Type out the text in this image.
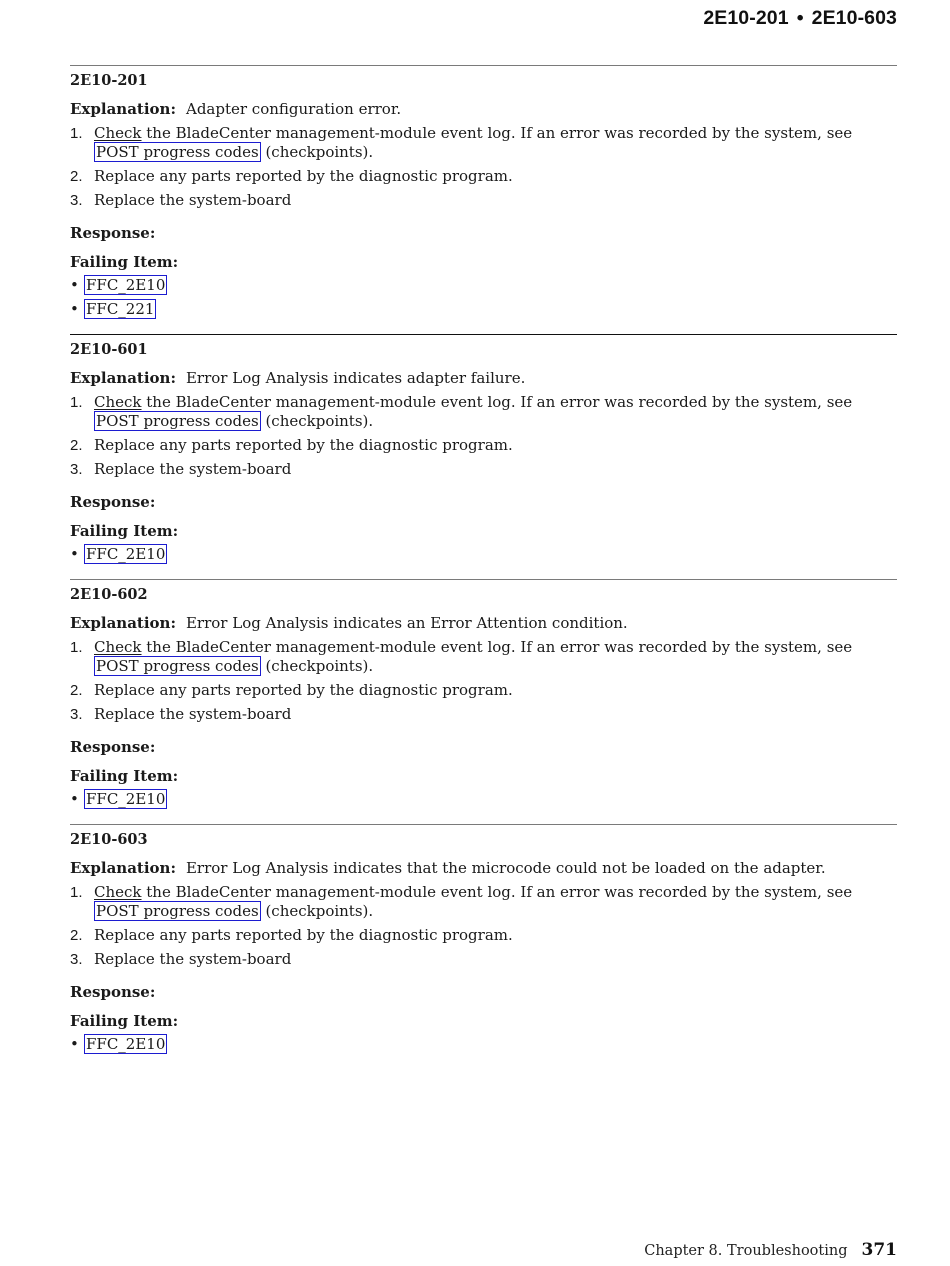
2E10-201 • 2E10-603
2E10-201
Explanation: Adapter configuration error.
1. Check the BladeCenter management-module event log. If an error was recorded by the system, see POST progress codes (checkpoints).
2. Replace any parts reported by the diagnostic program.
3. Replace the system-board
Response:
Failing Item:
• FFC_2E10
• FFC_221
2E10-601
Explanation: Error Log Analysis indicates adapter failure.
1. Check the BladeCenter management-module event log. If an error was recorded by the system, see POST progress codes (checkpoints).
2. Replace any parts reported by the diagnostic program.
3. Replace the system-board
Response:
Failing Item:
• FFC_2E10
2E10-602
Explanation: Error Log Analysis indicates an Error Attention condition.
1. Check the BladeCenter management-module event log. If an error was recorded by the system, see POST progress codes (checkpoints).
2. Replace any parts reported by the diagnostic program.
3. Replace the system-board
Response:
Failing Item:
• FFC_2E10
2E10-603
Explanation: Error Log Analysis indicates that the microcode could not be loaded on the adapter.
1. Check the BladeCenter management-module event log. If an error was recorded by the system, see POST progress codes (checkpoints).
2. Replace any parts reported by the diagnostic program.
3. Replace the system-board
Response:
Failing Item:
• FFC_2E10
Chapter 8. Troubleshooting 371
